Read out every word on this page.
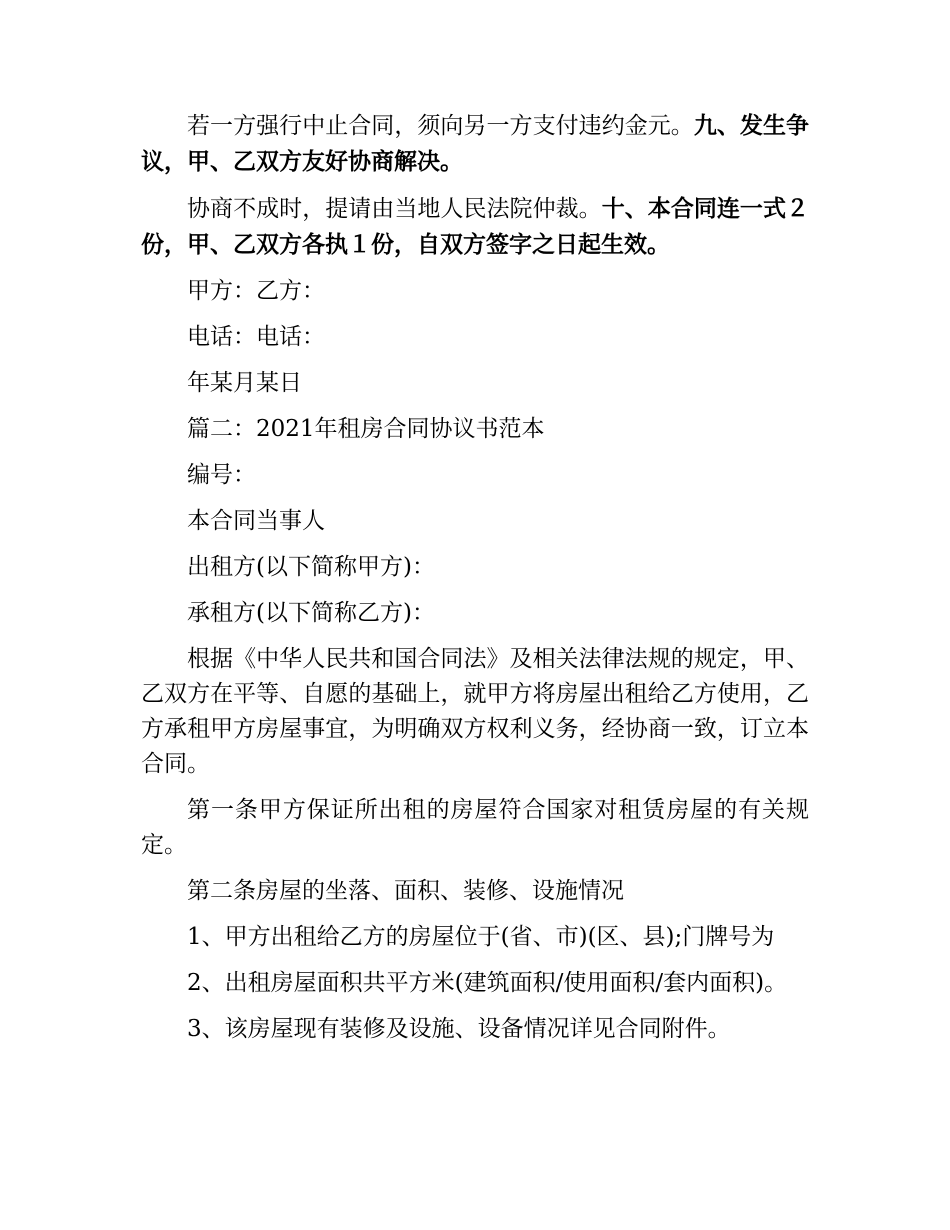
若一方强行中止合同，须向另一方支付违约金元。九、发生争议，甲、乙双方友好协商解决。

协商不成时，提请由当地人民法院仲裁。十、本合同连一式２份，甲、乙双方各执１份，自双方签字之日起生效。

甲方：乙方：

电话：电话：

年某月某日

篇二：2021年租房合同协议书范本

编号：

本合同当事人

出租方(以下简称甲方)：

承租方(以下简称乙方)：

根据《中华人民共和国合同法》及相关法律法规的规定，甲、乙双方在平等、自愿的基础上，就甲方将房屋出租给乙方使用，乙方承租甲方房屋事宜，为明确双方权利义务，经协商一致，订立本合同。

第一条甲方保证所出租的房屋符合国家对租赁房屋的有关规定。

第二条房屋的坐落、面积、装修、设施情况

1、甲方出租给乙方的房屋位于(省、市)(区、县);门牌号为

2、出租房屋面积共平方米(建筑面积/使用面积/套内面积)。

3、该房屋现有装修及设施、设备情况详见合同附件。
